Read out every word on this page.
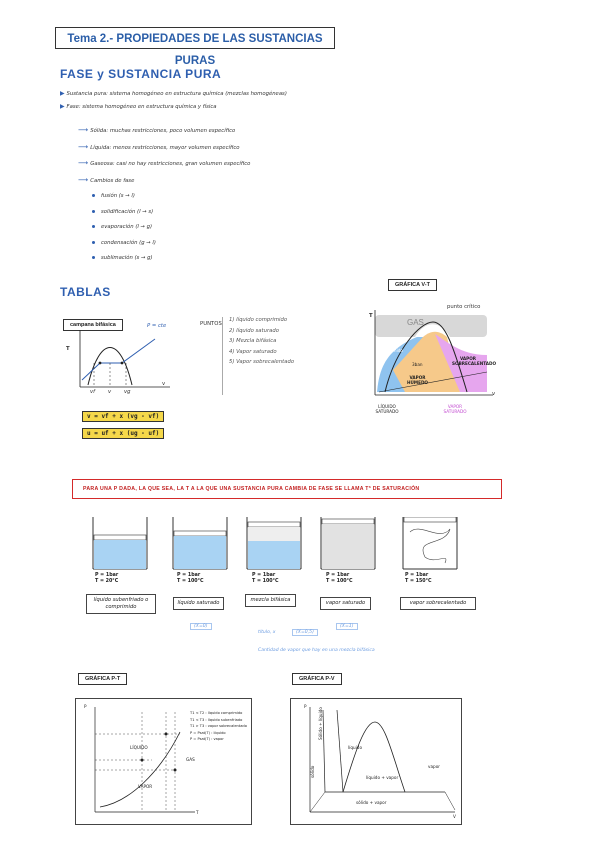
Tema 2.- PROPIEDADES DE LAS SUSTANCIAS PURAS
FASE y SUSTANCIA PURA
▶ Sustancia pura: sistema homogéneo en estructura química (mezclas homogéneas)
▶ Fase: sistema homogéneo en estructura química y física
⟶ Sólida: muchas restricciones, poco volumen específico
⟶ Líquida: menos restricciones, mayor volumen específico
⟶ Gaseosa: casi no hay restricciones, gran volumen específico
⟶ Cambios de fase
fusión (s → l)
solidificación (l → s)
evaporación (l → g)
condensación (g → l)
sublimación (s → g)
TABLAS
campana bifásica	P = cte
T
v
vf v vg
v = vf + x (vg - vf)
u = uf + x (ug - uf)
PUNTOS
1) líquido comprimido
2) líquido saturado
3) Mezcla bifásica
4) Vapor saturado
5) Vapor sobrecalentado
GRÁFICA V-T
punto crítico
GAS
T
líquido comprimido
3ban
VAPOR HÚMEDO
VAPOR SOBRECALENTADO
LÍQUIDO SATURADO
VAPOR SATURADO
v
PARA UNA P DADA, LA QUE SEA, LA T A LA QUE UNA SUSTANCIA PURA CAMBIA DE FASE SE LLAMA Tª DE SATURACIÓN
P = 1bar
T = 20°C
P = 1bar
T = 100°C
P = 1bar
T = 100°C
P = 1bar
T = 100°C
P = 1bar
T = 150°C
líquido subenfriado o comprimido
líquido saturado	mezcla bifásica	vapor saturado	vapor sobrecalentado
(X=0)
título, x	(X=0,5)
(X=1)
Cantidad de vapor que hay en una mezcla bifásica
GRÁFICA P-T
P
T
LÍQUIDO
GAS
VAPOR
T1 < T2 : líquido comprimido
T1 < T3 : líquido subenfriado
T1 > T3 : vapor sobrecalentado
P = Psat(T) : líquido
P = Psat(T) : vapor
GRÁFICA P-V
P
V
Sólido + líquido
sólido
líquido
líquido + vapor
vapor
sólido + vapor
